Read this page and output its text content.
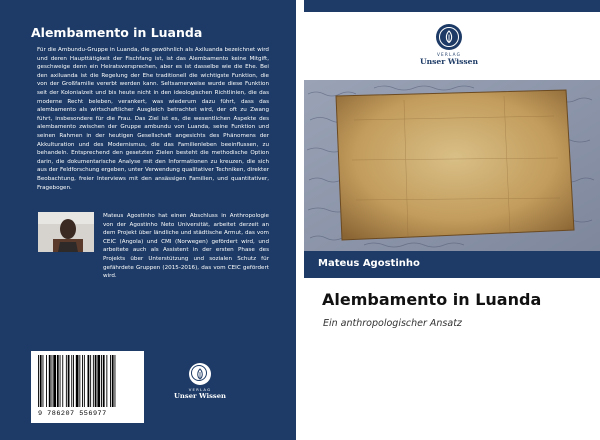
Alembamento in Luanda

Für die Ambundu-Gruppe in Luanda, die gewöhnlich als Axiluanda bezeichnet wird und deren Haupttätigkeit der Fischfang ist, ist das Alembamento keine Mitgift, geschweige denn ein Heiratsversprechen, aber es ist dasselbe wie die Ehe. Bei den axiluanda ist die Regelung der Ehe traditionell die wichtigste Funktion, die von der Großfamilie vererbt werden kann. Seltsamerweise wurde diese Funktion seit der Kolonialzeit und bis heute nicht in den ideologischen Richtlinien, die das moderne Recht beleben, verankert, was wiederum dazu führt, dass das alembamento als wirtschaftlicher Ausgleich betrachtet wird, der oft zu Zwang führt, insbesondere für die Frau. Das Ziel ist es, die wesentlichen Aspekte des alembamento zwischen der Gruppe ambundu von Luanda, seine Funktion und seinen Rahmen in der heutigen Gesellschaft angesichts des Phänomens der Akkulturation und des Modernismus, die das Familienleben beeinflussen, zu behandeln. Entsprechend den gesetzten Zielen besteht die methodische Option darin, die dokumentarische Analyse mit den Informationen zu kreuzen, die sich aus der Feldforschung ergeben, unter Verwendung qualitativer Techniken, direkter Beobachtung, freier Interviews mit den ansässigen Familien, und quantitativer, Fragebogen.

Mateus Agostinho hat einen Abschluss in Anthropologie von der Agostinho Neto Universität, arbeitet derzeit an dem Projekt über ländliche und städtische Armut, das vom CEIC (Angola) und CMI (Norwegen) gefördert wird, und arbeitete auch als Assistent in der ersten Phase des Projekts über Unterstützung und sozialen Schutz für gefährdete Gruppen (2015-2016), das vom CEIC gefördert wird.

9 786207 556977
VERLAG
Unser Wissen
VERLAG
Unser Wissen
Mateus Agostinho
Alembamento in Luanda

Ein anthropologischer Ansatz
